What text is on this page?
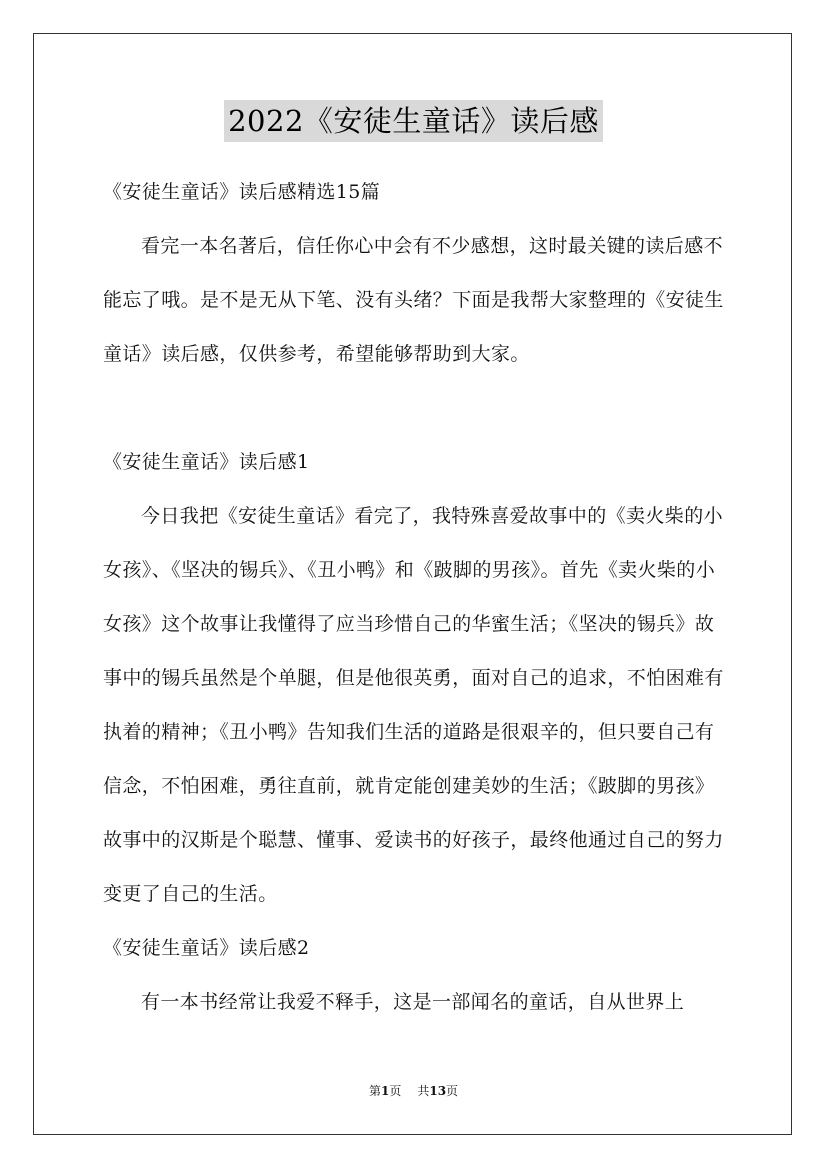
2022《安徒生童话》读后感

《安徒生童话》读后感精选15篇

看完一本名著后，信任你心中会有不少感想，这时最关键的读后感不能忘了哦。是不是无从下笔、没有头绪？下面是我帮大家整理的《安徒生童话》读后感，仅供参考，希望能够帮助到大家。

《安徒生童话》读后感1

今日我把《安徒生童话》看完了，我特殊喜爱故事中的《卖火柴的小女孩》、《坚决的锡兵》、《丑小鸭》和《跛脚的男孩》。首先《卖火柴的小女孩》这个故事让我懂得了应当珍惜自己的华蜜生活；《坚决的锡兵》故事中的锡兵虽然是个单腿，但是他很英勇，面对自己的追求，不怕困难有执着的精神；《丑小鸭》告知我们生活的道路是很艰辛的，但只要自己有信念，不怕困难，勇往直前，就肯定能创建美妙的生活；《跛脚的男孩》故事中的汉斯是个聪慧、懂事、爱读书的好孩子，最终他通过自己的努力变更了自己的生活。

《安徒生童话》读后感2

有一本书经常让我爱不释手，这是一部闻名的童话，自从世界上

第1页 共13页
